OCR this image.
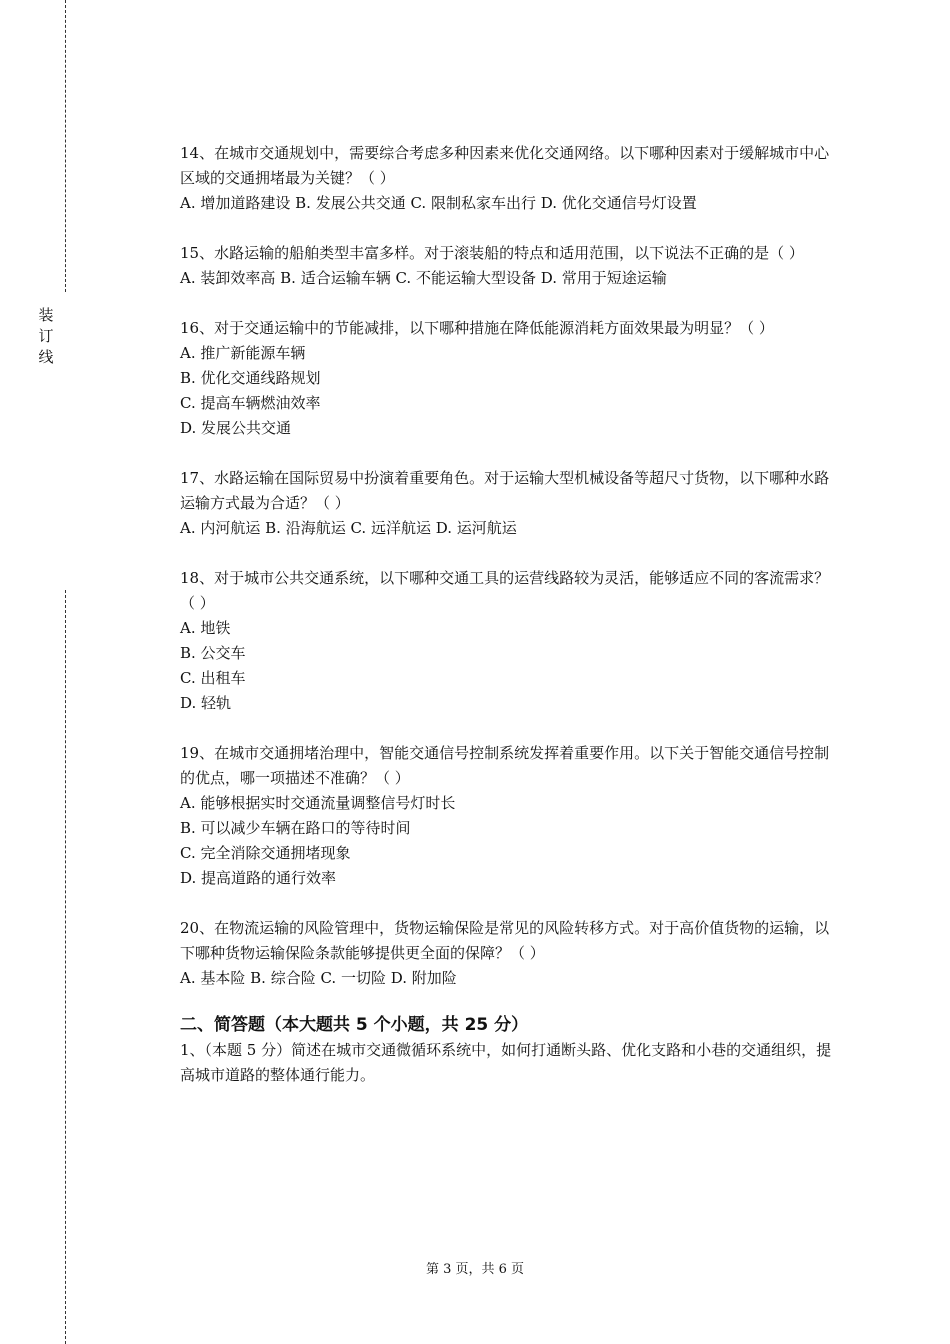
装
订
线

14、在城市交通规划中，需要综合考虑多种因素来优化交通网络。以下哪种因素对于缓解城市中心区域的交通拥堵最为关键？（ ）

A. 增加道路建设 B. 发展公共交通 C. 限制私家车出行 D. 优化交通信号灯设置

15、水路运输的船舶类型丰富多样。对于滚装船的特点和适用范围，以下说法不正确的是（ ）

A. 装卸效率高 B. 适合运输车辆 C. 不能运输大型设备 D. 常用于短途运输

16、对于交通运输中的节能减排，以下哪种措施在降低能源消耗方面效果最为明显？（ ）

A. 推广新能源车辆

B. 优化交通线路规划

C. 提高车辆燃油效率

D. 发展公共交通

17、水路运输在国际贸易中扮演着重要角色。对于运输大型机械设备等超尺寸货物，以下哪种水路运输方式最为合适？（ ）

A. 内河航运 B. 沿海航运 C. 远洋航运 D. 运河航运

18、对于城市公共交通系统，以下哪种交通工具的运营线路较为灵活，能够适应不同的客流需求？（ ）

A. 地铁

B. 公交车

C. 出租车

D. 轻轨

19、在城市交通拥堵治理中，智能交通信号控制系统发挥着重要作用。以下关于智能交通信号控制的优点，哪一项描述不准确？（ ）

A. 能够根据实时交通流量调整信号灯时长

B. 可以减少车辆在路口的等待时间

C. 完全消除交通拥堵现象

D. 提高道路的通行效率

20、在物流运输的风险管理中，货物运输保险是常见的风险转移方式。对于高价值货物的运输，以下哪种货物运输保险条款能够提供更全面的保障？（ ）

A. 基本险 B. 综合险 C. 一切险 D. 附加险

二、简答题（本大题共 5 个小题，共 25 分）

1、（本题 5 分）简述在城市交通微循环系统中，如何打通断头路、优化支路和小巷的交通组织，提高城市道路的整体通行能力。

第 3 页，共 6 页
